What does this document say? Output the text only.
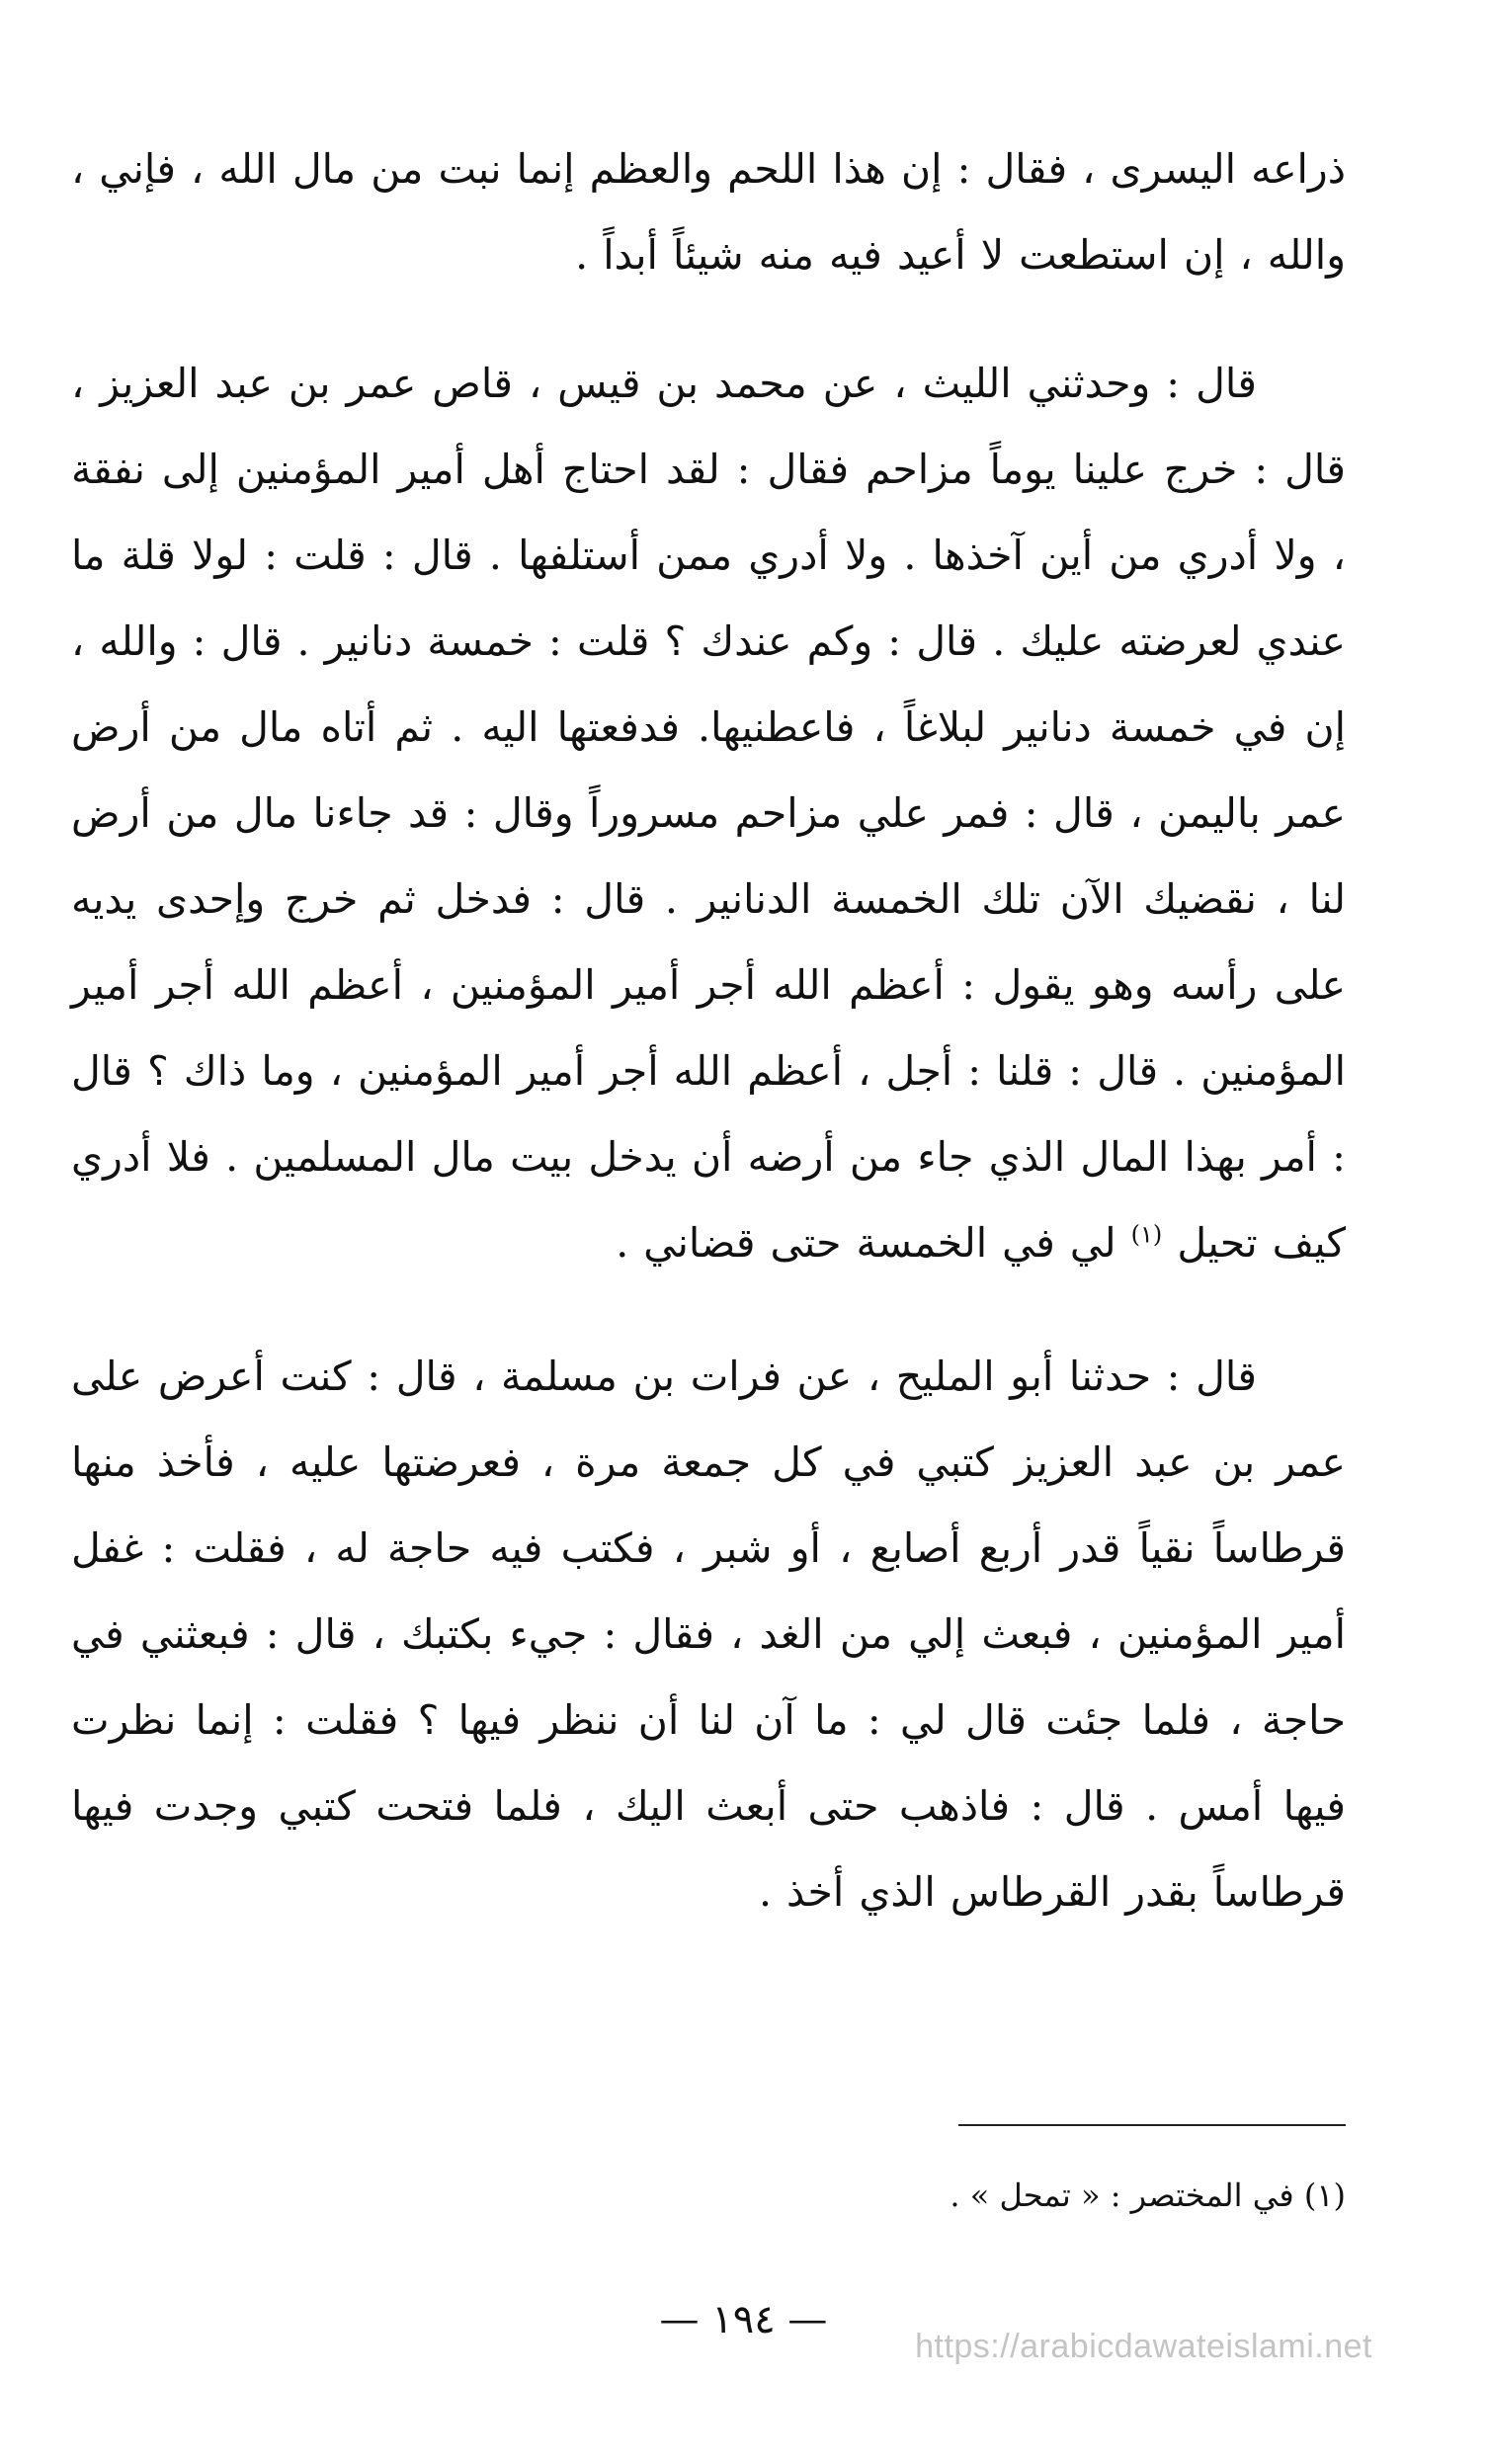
ذراعه اليسرى ، فقال : إن هذا اللحم والعظم إنما نبت من مال الله ، فإني ، والله ، إن استطعت لا أعيد فيه منه شيئاً أبداً .

قال : وحدثني الليث ، عن محمد بن قيس ، قاص عمر بن عبد العزيز ، قال : خرج علينا يوماً مزاحم فقال : لقد احتاج أهل أمير المؤمنين إلى نفقة ، ولا أدري من أين آخذها . ولا أدري ممن أستلفها . قال : قلت : لولا قلة ما عندي لعرضته عليك . قال : وكم عندك ؟ قلت : خمسة دنانير . قال : والله ، إن في خمسة دنانير لبلاغاً ، فاعطنيها. فدفعتها اليه . ثم أتاه مال من أرض عمر باليمن ، قال : فمر علي مزاحم مسروراً وقال : قد جاءنا مال من أرض لنا ، نقضيك الآن تلك الخمسة الدنانير . قال : فدخل ثم خرج وإحدى يديه على رأسه وهو يقول : أعظم الله أجر أمير المؤمنين ، أعظم الله أجر أمير المؤمنين . قال : قلنا : أجل ، أعظم الله أجر أمير المؤمنين ، وما ذاك ؟ قال : أمر بهذا المال الذي جاء من أرضه أن يدخل بيت مال المسلمين . فلا أدري كيف تحيل $^{(١)}$ لي في الخمسة حتى قضاني .

قال : حدثنا أبو المليح ، عن فرات بن مسلمة ، قال : كنت أعرض على عمر بن عبد العزيز كتبي في كل جمعة مرة ، فعرضتها عليه ، فأخذ منها قرطاساً نقياً قدر أربع أصابع ، أو شبر ، فكتب فيه حاجة له ، فقلت : غفل أمير المؤمنين ، فبعث إلي من الغد ، فقال : جيء بكتبك ، قال : فبعثني في حاجة ، فلما جئت قال لي : ما آن لنا أن ننظر فيها ؟ فقلت : إنما نظرت فيها أمس . قال : فاذهب حتى أبعث اليك ، فلما فتحت كتبي وجدت فيها قرطاساً بقدر القرطاس الذي أخذ .

(١) في المختصر : « تمحل » .
— ١٩٤ —
https://arabicdawateislami.net
